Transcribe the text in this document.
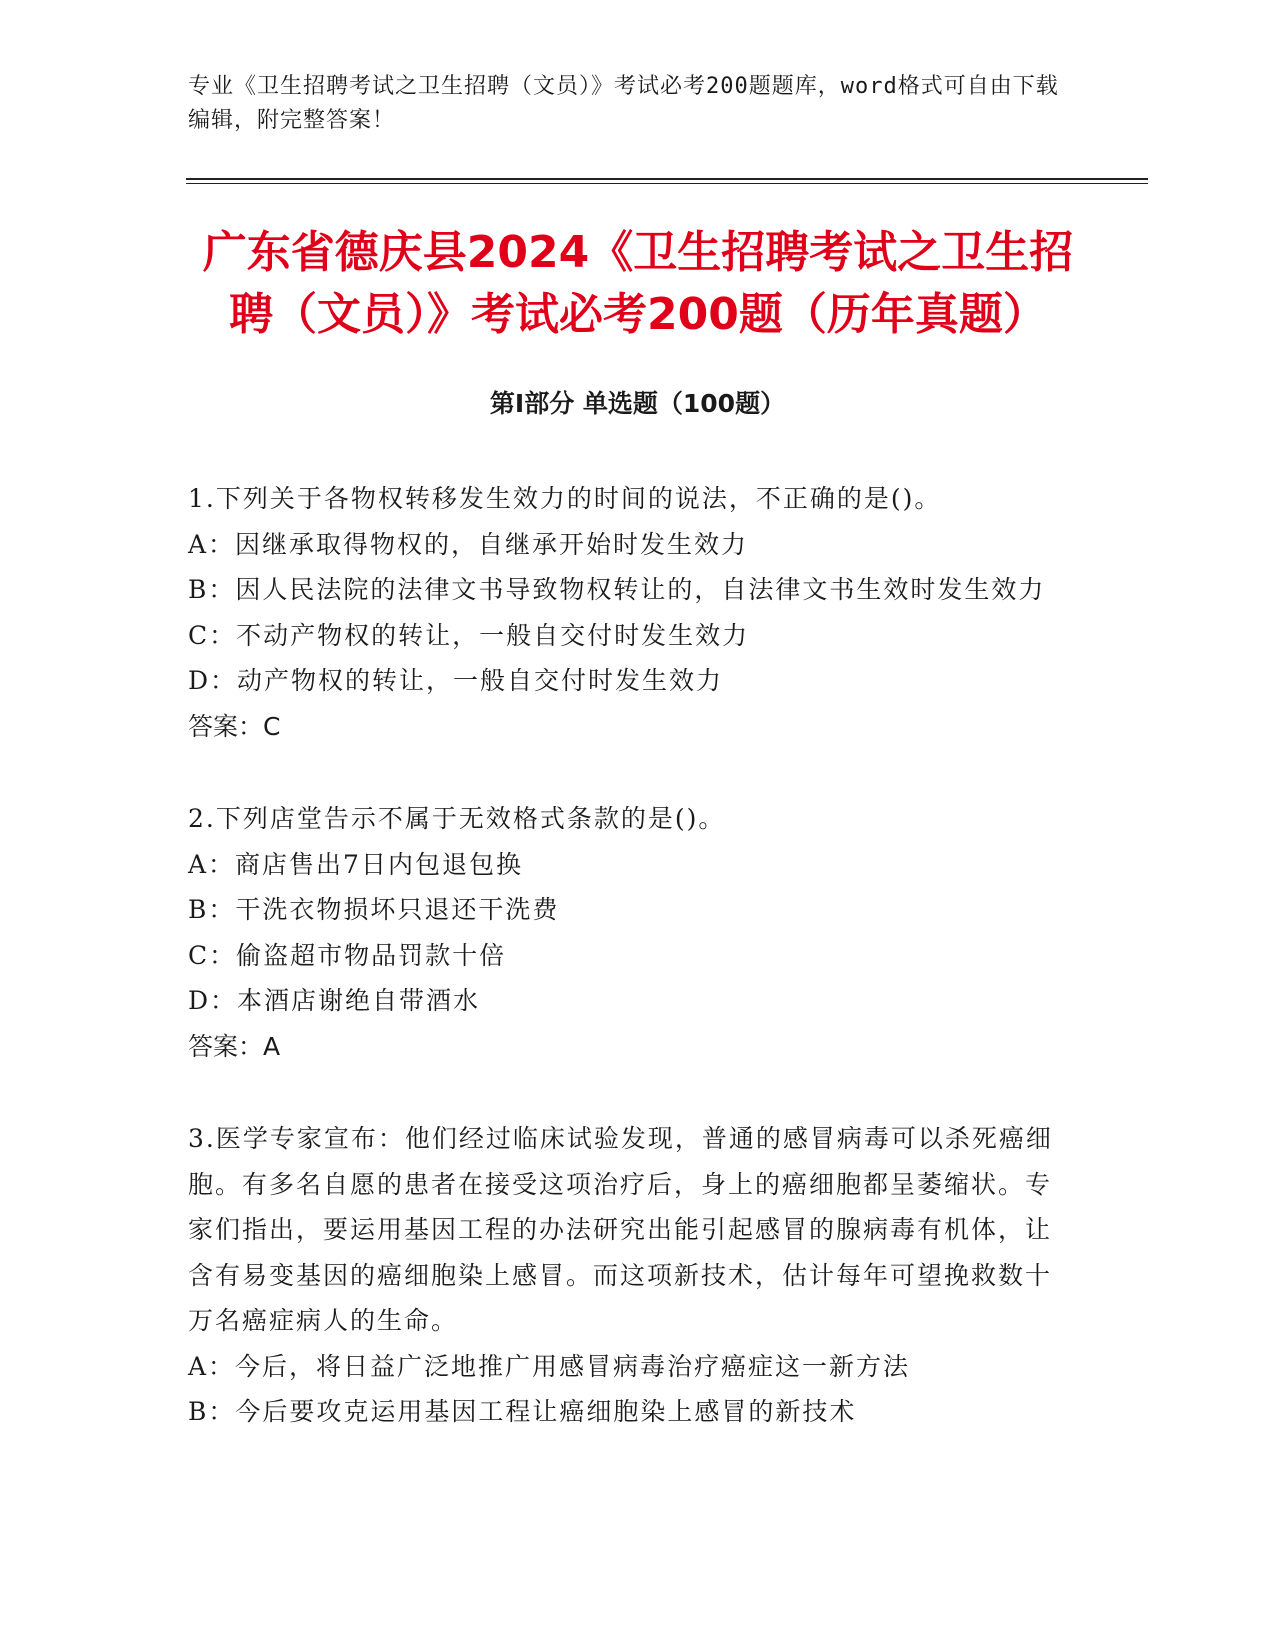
专业《卫生招聘考试之卫生招聘（文员）》考试必考200题题库，word格式可自由下载编辑，附完整答案！
广东省德庆县2024《卫生招聘考试之卫生招聘（文员）》考试必考200题（历年真题）
第I部分 单选题（100题）
1.下列关于各物权转移发生效力的时间的说法，不正确的是()。
A：因继承取得物权的，自继承开始时发生效力
B：因人民法院的法律文书导致物权转让的，自法律文书生效时发生效力
C：不动产物权的转让，一般自交付时发生效力
D：动产物权的转让，一般自交付时发生效力
答案：C
2.下列店堂告示不属于无效格式条款的是()。
A：商店售出7日内包退包换
B：干洗衣物损坏只退还干洗费
C：偷盗超市物品罚款十倍
D：本酒店谢绝自带酒水
答案：A
3.医学专家宣布：他们经过临床试验发现，普通的感冒病毒可以杀死癌细胞。有多名自愿的患者在接受这项治疗后，身上的癌细胞都呈萎缩状。专家们指出，要运用基因工程的办法研究出能引起感冒的腺病毒有机体，让含有易变基因的癌细胞染上感冒。而这项新技术，估计每年可望挽救数十万名癌症病人的生命。
A：今后，将日益广泛地推广用感冒病毒治疗癌症这一新方法
B：今后要攻克运用基因工程让癌细胞染上感冒的新技术
